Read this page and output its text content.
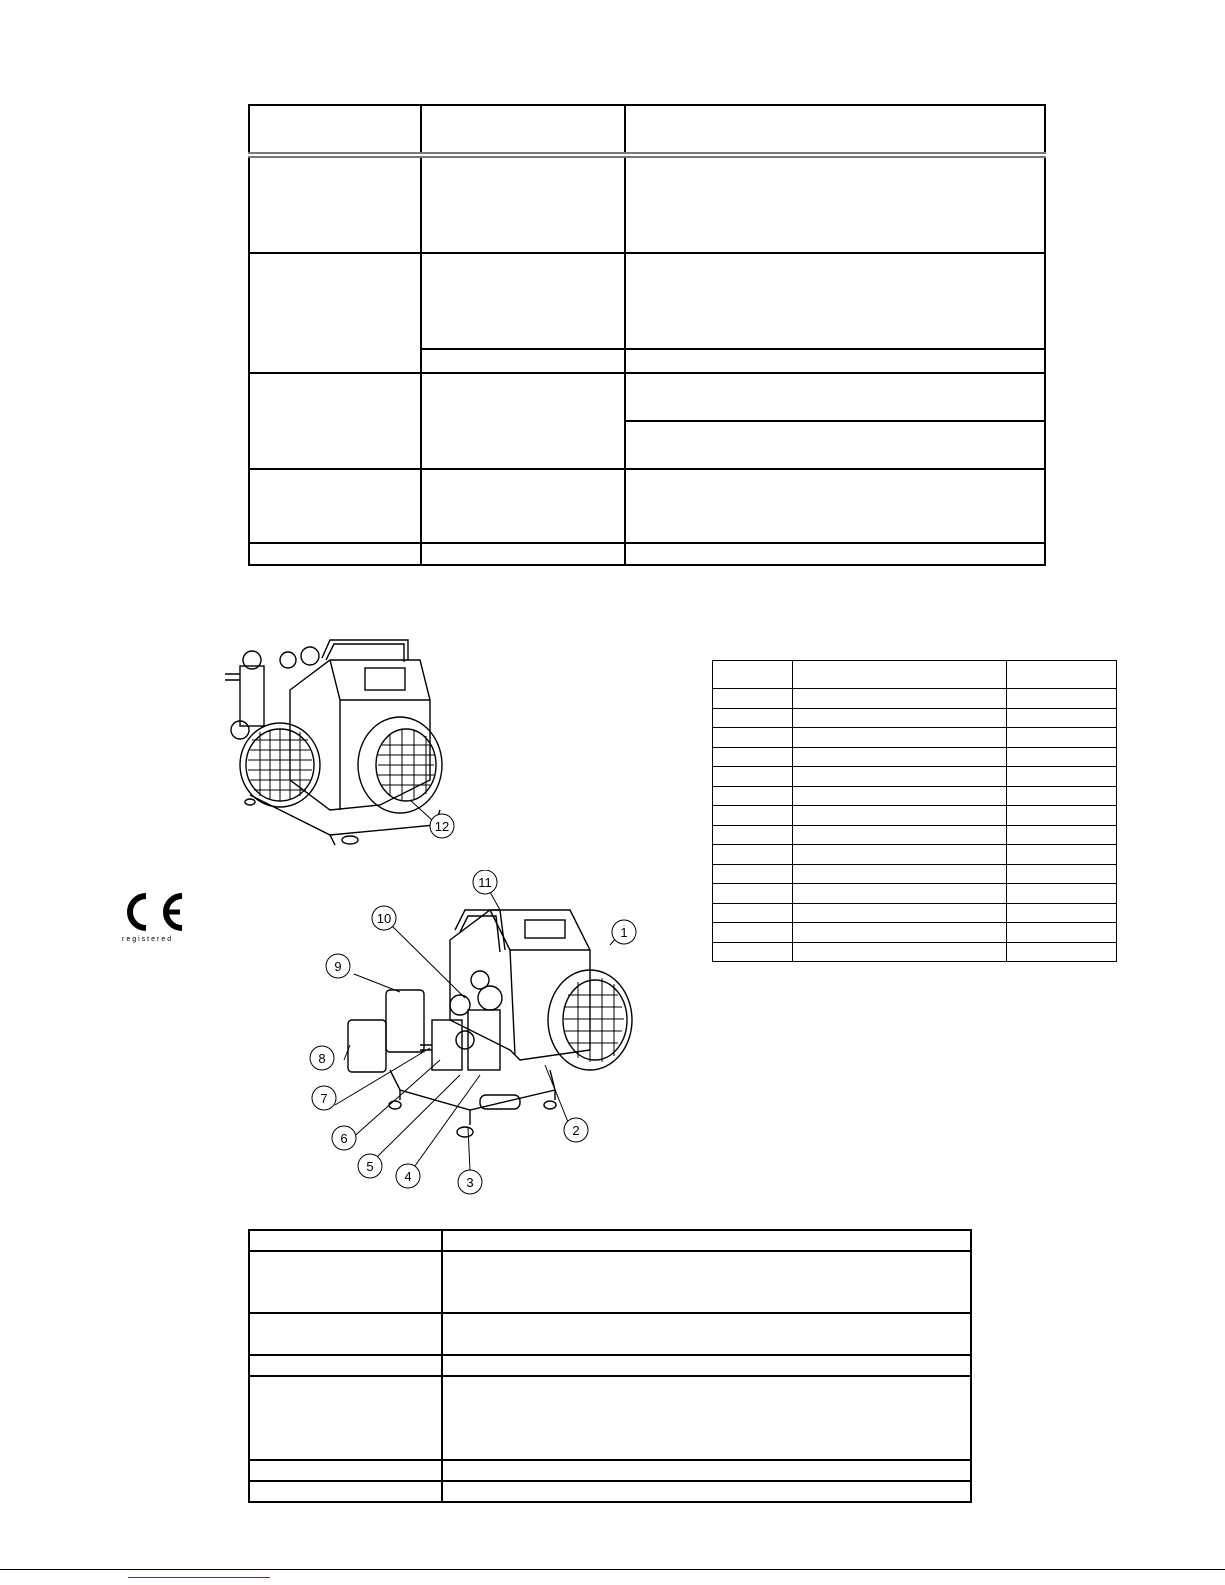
registered
12
1
2
3
4
5
6
7
8
9
10
11
